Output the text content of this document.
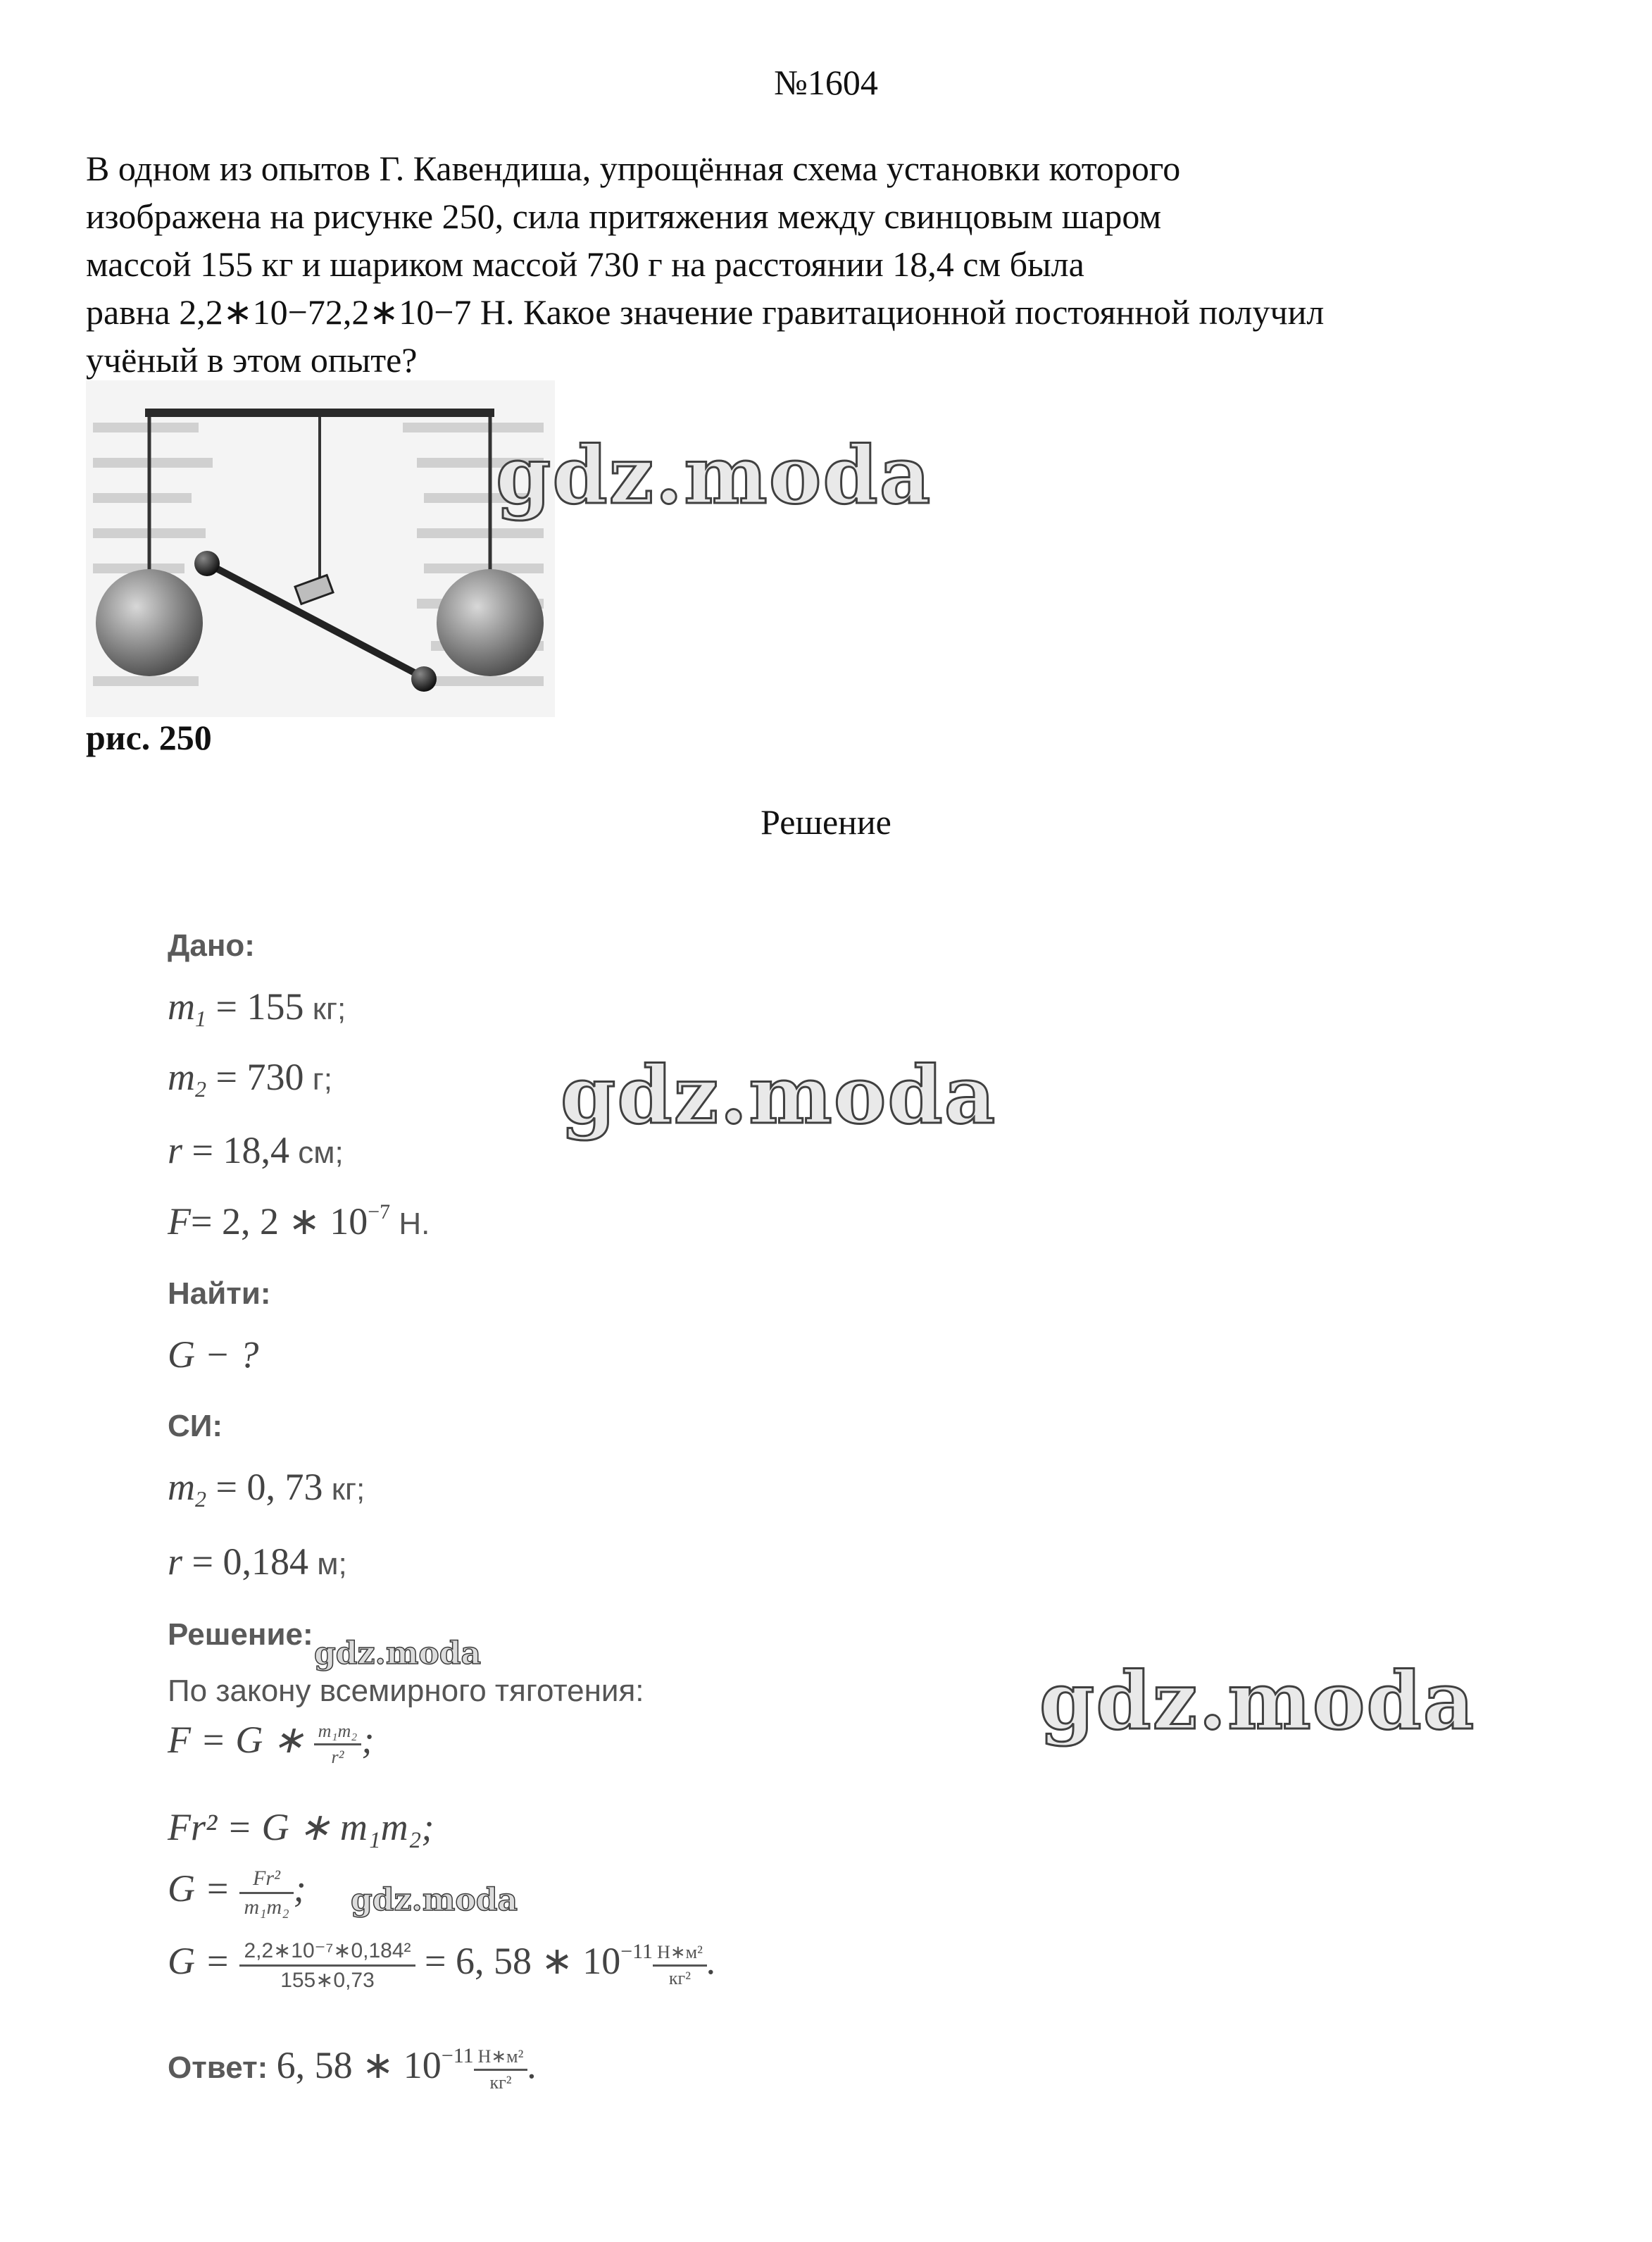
№1604
В одном из опытов Г. Кавендиша, упрощённая схема установки которого
изображена на рисунке 250, сила притяжения между свинцовым шаром
массой 155 кг и шариком массой 730 г на расстоянии 18,4 см была
равна 2,2∗10−72,2∗10−7 Н. Какое значение гравитационной постоянной получил
учёный в этом опыте?
рис. 250
Решение
Дано:
$m_1 = 155$ кг;
$m_2 = 730$ г;
r = 18,4 см;
F= 2, 2 ∗ $10^{-7}$ Н.
Найти:
G − ?
СИ:
$m_2 = 0$, 73 кг;
r = 0,184 м;
Решение:
По закону всемирного тяготения:
F = G ∗ $\frac{\text{m₁m₂}}{\text{r²}}$ ;
Fr² = G ∗ m₁m₂;
$G = \frac{\text{Fr²}}{\text{m₁m₂}}$ ;
$G = \frac{\text{2,2∗10⁻⁷∗0,184²}}{155∗0,73} = 6$, 58 ∗ $10^{-11} \frac{\text{Н∗м²}}{\text{кг²}}$ .
Ответ: 6, 58 ∗ $10^{-11} \frac{\text{Н∗м²}}{\text{кг²}}$ .
gdz.moda
gdz.moda
gdz.moda
gdz.moda
gdz.moda
